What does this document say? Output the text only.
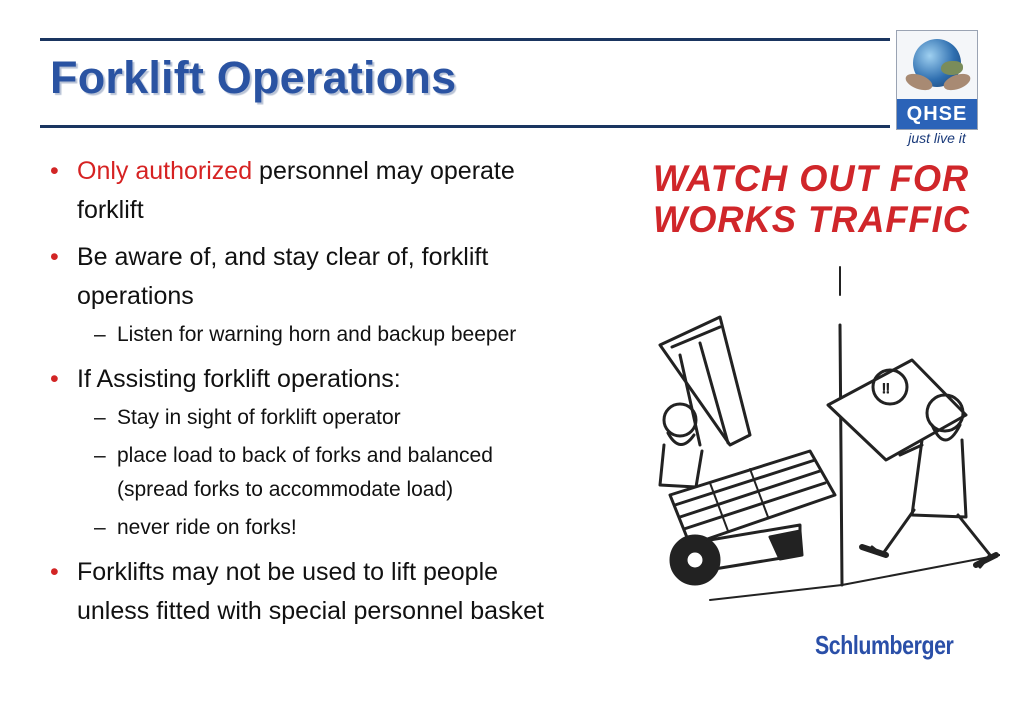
Forklift Operations
QHSE
just live it
• Only authorized personnel may operate
forklift
• Be aware of, and stay clear of, forklift
operations
– Listen for warning horn and backup beeper
• If Assisting forklift operations:
– Stay in sight of forklift operator
– place load to back of forks and balanced
(spread forks to accommodate load)
– never ride on forks!
• Forklifts may not be used to lift people
unless fitted with special personnel basket
WATCH OUT FOR
WORKS TRAFFIC
!!
Schlumberger
